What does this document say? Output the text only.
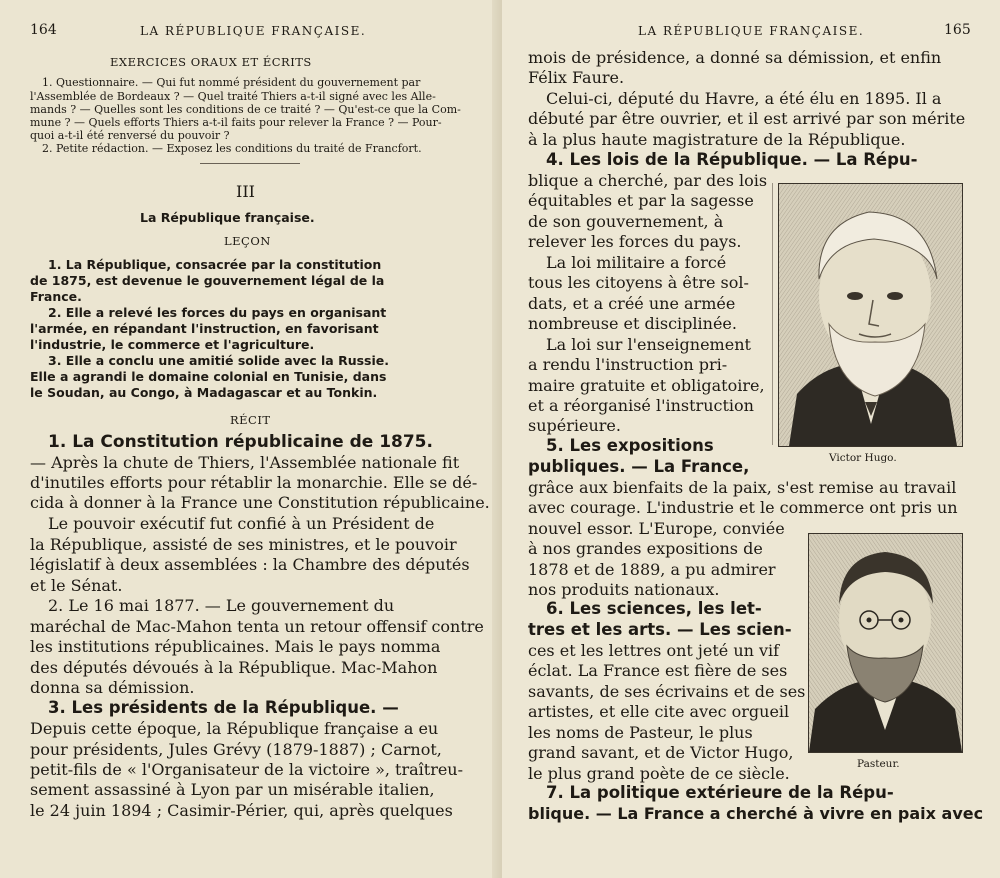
164	LA RÉPUBLIQUE FRANÇAISE.
EXERCICES ORAUX ET ÉCRITS
1. Questionnaire. — Qui fut nommé président du gouvernement par
l'Assemblée de Bordeaux ? — Quel traité Thiers a-t-il signé avec les Alle-
mands ? — Quelles sont les conditions de ce traité ? — Qu'est-ce que la Com-
mune ? — Quels efforts Thiers a-t-il faits pour relever la France ? — Pour-
quoi a-t-il été renversé du pouvoir ?
2. Petite rédaction. — Exposez les conditions du traité de Francfort.
III
La République française.
LEÇON
1. La République, consacrée par la constitution
de 1875, est devenue le gouvernement légal de la
France.
2. Elle a relevé les forces du pays en organisant
l'armée, en répandant l'instruction, en favorisant
l'industrie, le commerce et l'agriculture.
3. Elle a conclu une amitié solide avec la Russie.
Elle a agrandi le domaine colonial en Tunisie, dans
le Soudan, au Congo, à Madagascar et au Tonkin.
RÉCIT
1. La Constitution républicaine de 1875.
— Après la chute de Thiers, l'Assemblée nationale fit
d'inutiles efforts pour rétablir la monarchie. Elle se dé-
cida à donner à la France une Constitution républicaine.
Le pouvoir exécutif fut confié à un Président de
la République, assisté de ses ministres, et le pouvoir
législatif à deux assemblées : la Chambre des députés
et le Sénat.
2. Le 16 mai 1877. — Le gouvernement du
maréchal de Mac-Mahon tenta un retour offensif contre
les institutions républicaines. Mais le pays nomma
des députés dévoués à la République. Mac-Mahon
donna sa démission.
3. Les présidents de la République. —
Depuis cette époque, la République française a eu
pour présidents, Jules Grévy (1879-1887) ; Carnot,
petit-fils de « l'Organisateur de la victoire », traîtreu-
sement assassiné à Lyon par un misérable italien,
le 24 juin 1894 ; Casimir-Périer, qui, après quelques
LA RÉPUBLIQUE FRANÇAISE.	165
mois de présidence, a donné sa démission, et enfin
Félix Faure.
Celui-ci, député du Havre, a été élu en 1895. Il a
débuté par être ouvrier, et il est arrivé par son mérite
à la plus haute magistrature de la République.
4. Les lois de la République. — La Répu-
blique a cherché, par des lois
équitables et par la sagesse
de son gouvernement, à
relever les forces du pays.
La loi militaire a forcé
tous les citoyens à être sol-
dats, et a créé une armée
nombreuse et disciplinée.
La loi sur l'enseignement
a rendu l'instruction pri-
maire gratuite et obligatoire,
et a réorganisé l'instruction
supérieure.
5. Les expositions
publiques. — La France,
grâce aux bienfaits de la paix, s'est remise au travail
avec courage. L'industrie et le commerce ont pris un
nouvel essor. L'Europe, conviée
à nos grandes expositions de
1878 et de 1889, a pu admirer
nos produits nationaux.
6. Les sciences, les let-
tres et les arts. — Les scien-
ces et les lettres ont jeté un vif
éclat. La France est fière de ses
savants, de ses écrivains et de ses
artistes, et elle cite avec orgueil
les noms de Pasteur, le plus
grand savant, et de Victor Hugo,
le plus grand poète de ce siècle.
7. La politique extérieure de la Répu-
blique. — La France a cherché à vivre en paix avec
Victor Hugo.
Pasteur.
